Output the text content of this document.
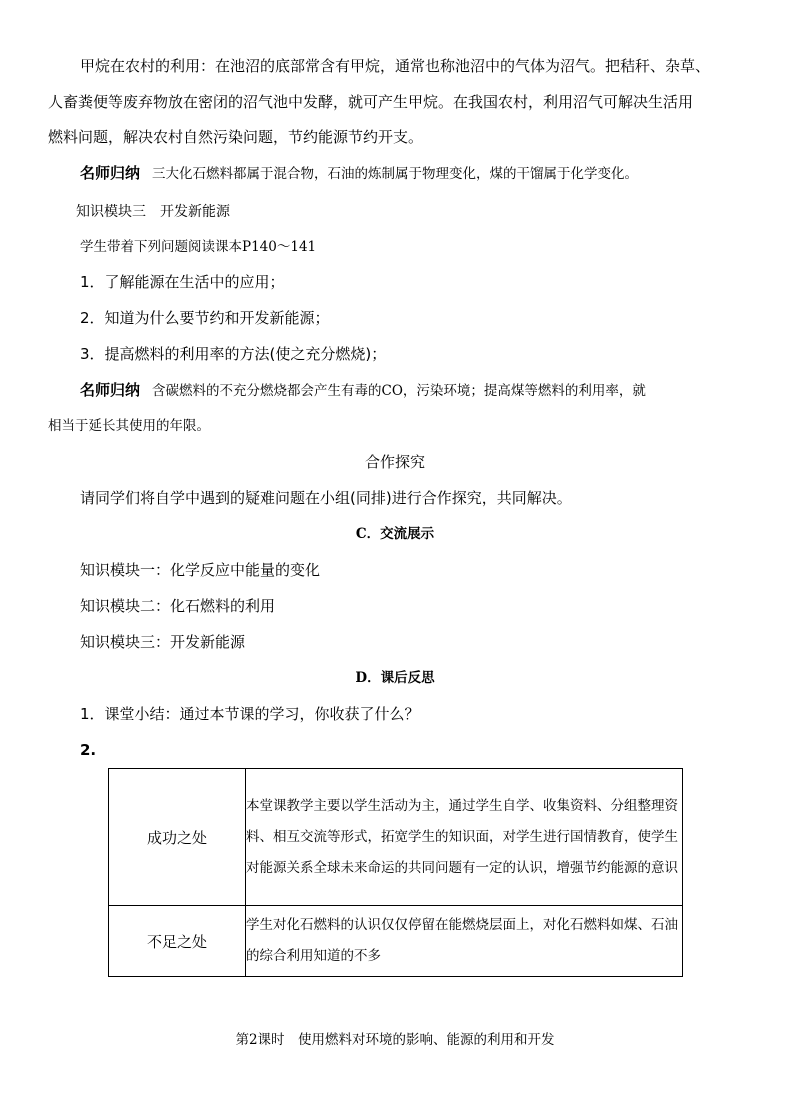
甲烷在农村的利用：在池沼的底部常含有甲烷，通常也称池沼中的气体为沼气。把秸秆、杂草、
人畜粪便等废弃物放在密闭的沼气池中发酵，就可产生甲烷。在我国农村，利用沼气可解决生活用
燃料问题，解决农村自然污染问题，节约能源节约开支。
名师归纳 三大化石燃料都属于混合物，石油的炼制属于物理变化，煤的干馏属于化学变化。
知识模块三　开发新能源
学生带着下列问题阅读课本P140～141
1．了解能源在生活中的应用；
2．知道为什么要节约和开发新能源；
3．提高燃料的利用率的方法(使之充分燃烧)；
名师归纳 含碳燃料的不充分燃烧都会产生有毒的CO，污染环境；提高煤等燃料的利用率，就
相当于延长其使用的年限。
合作探究
请同学们将自学中遇到的疑难问题在小组(同排)进行合作探究，共同解决。
C．交流展示
知识模块一：化学反应中能量的变化
知识模块二：化石燃料的利用
知识模块三：开发新能源
D．课后反思
1．课堂小结：通过本节课的学习，你收获了什么？
2.
成功之处	本堂课教学主要以学生活动为主，通过学生自学、收集资料、分组整理资料、相互交流等形式，拓宽学生的知识面，对学生进行国情教育，使学生对能源关系全球未来命运的共同问题有一定的认识，增强节约能源的意识
不足之处	学生对化石燃料的认识仅仅停留在能燃烧层面上，对化石燃料如煤、石油的综合利用知道的不多
第2课时　使用燃料对环境的影响、能源的利用和开发
